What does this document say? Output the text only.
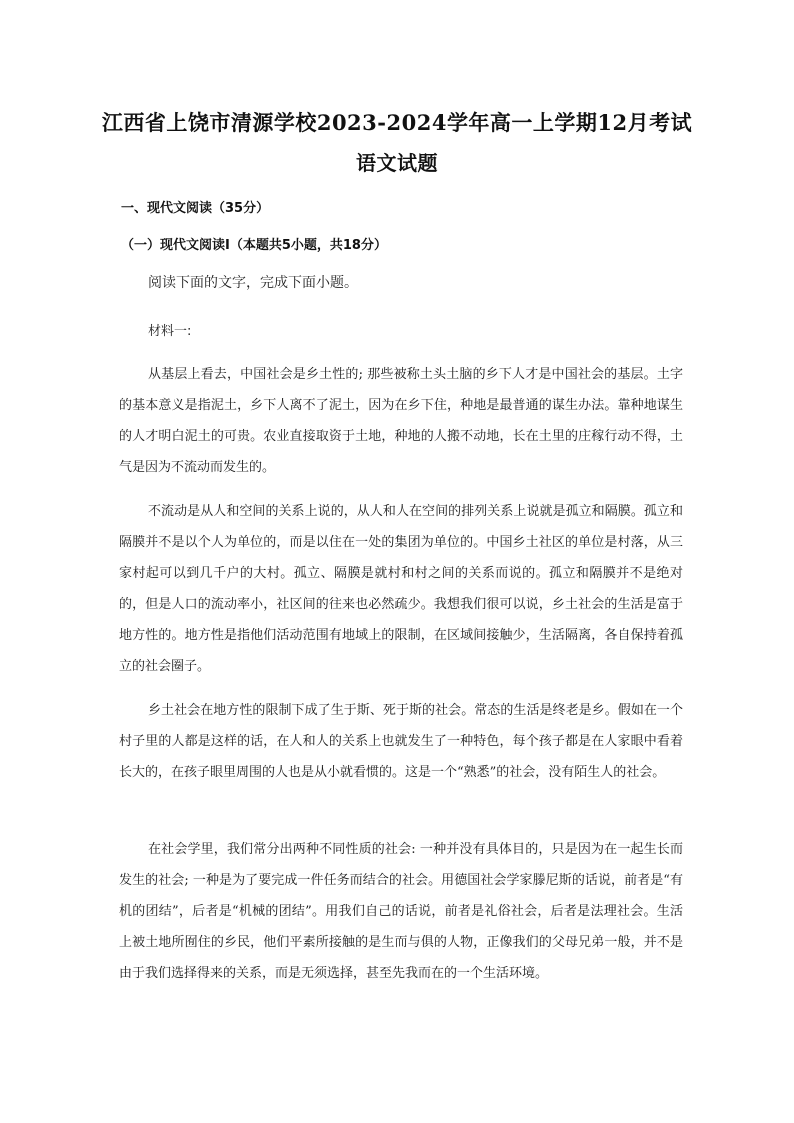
江西省上饶市清源学校2023-2024学年高一上学期12月考试
语文试题
一、现代文阅读（35分）
（一）现代文阅读Ⅰ（本题共5小题，共18分）
阅读下面的文字，完成下面小题。
材料一:

从基层上看去，中国社会是乡土性的; 那些被称土头土脑的乡下人才是中国社会的基层。土字的基本意义是指泥土，乡下人离不了泥土，因为在乡下住，种地是最普通的谋生办法。靠种地谋生的人才明白泥土的可贵。农业直接取资于土地，种地的人搬不动地，长在土里的庄稼行动不得，土气是因为不流动而发生的。

不流动是从人和空间的关系上说的，从人和人在空间的排列关系上说就是孤立和隔膜。孤立和隔膜并不是以个人为单位的，而是以住在一处的集团为单位的。中国乡土社区的单位是村落，从三家村起可以到几千户的大村。孤立、隔膜是就村和村之间的关系而说的。孤立和隔膜并不是绝对的，但是人口的流动率小，社区间的往来也必然疏少。我想我们很可以说，乡土社会的生活是富于地方性的。地方性是指他们活动范围有地域上的限制，在区域间接触少，生活隔离，各自保持着孤立的社会圈子。

乡土社会在地方性的限制下成了生于斯、死于斯的社会。常态的生活是终老是乡。假如在一个村子里的人都是这样的话，在人和人的关系上也就发生了一种特色，每个孩子都是在人家眼中看着长大的，在孩子眼里周围的人也是从小就看惯的。这是一个“熟悉”的社会，没有陌生人的社会。

在社会学里，我们常分出两种不同性质的社会: 一种并没有具体目的，只是因为在一起生长而发生的社会; 一种是为了要完成一件任务而结合的社会。用德国社会学家滕尼斯的话说，前者是“有机的团结”，后者是“机械的团结”。用我们自己的话说，前者是礼俗社会，后者是法理社会。生活上被土地所囿住的乡民，他们平素所接触的是生而与俱的人物，正像我们的父母兄弟一般，并不是由于我们选择得来的关系，而是无须选择，甚至先我而在的一个生活环境。
